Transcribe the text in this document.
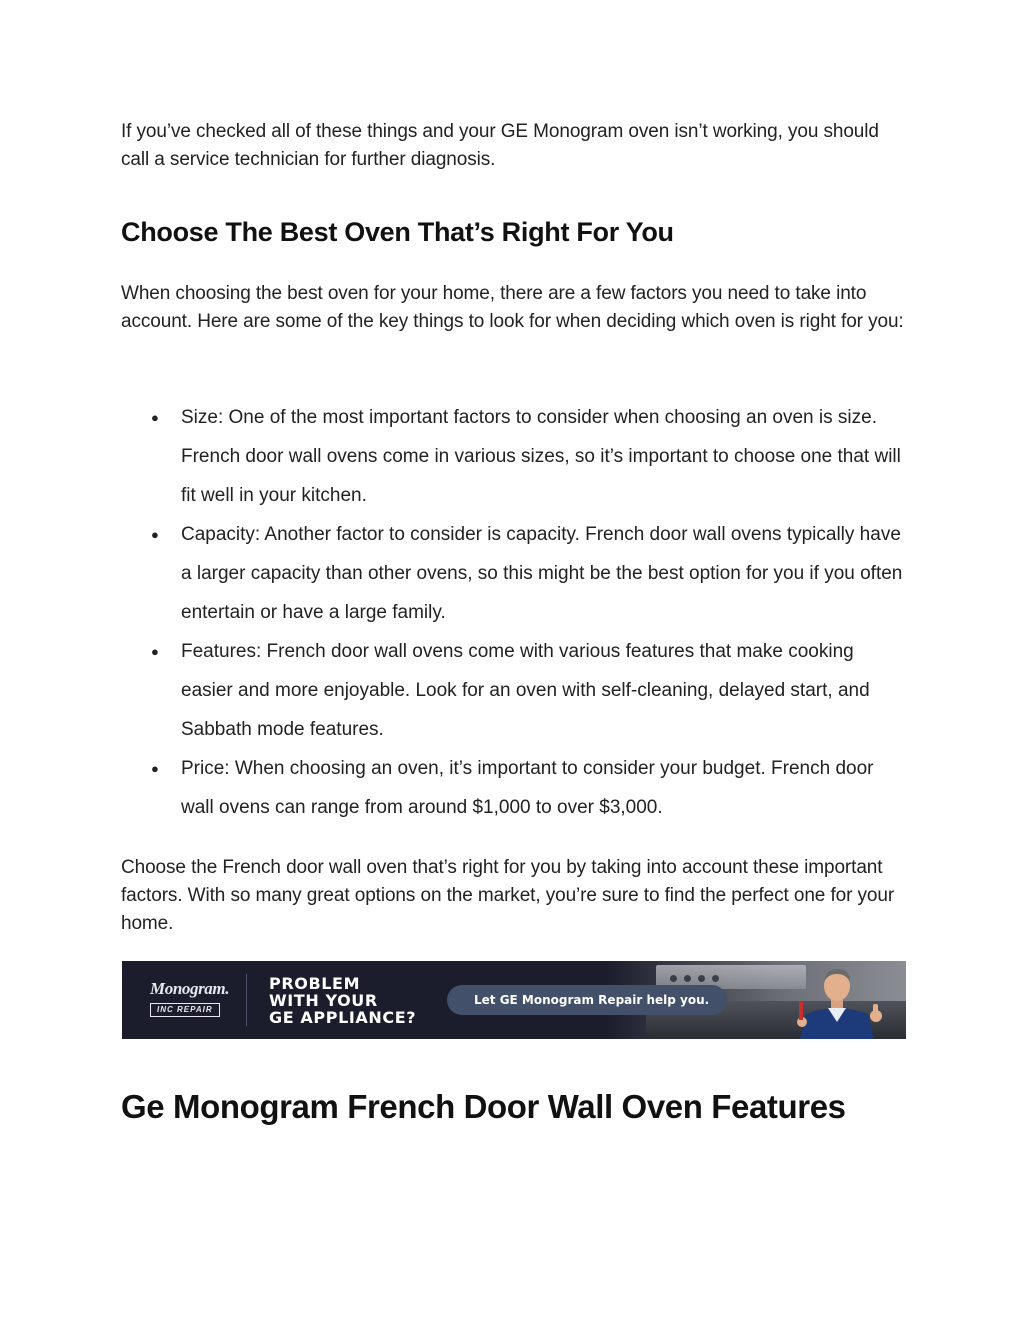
If you’ve checked all of these things and your GE Monogram oven isn’t working, you should call a service technician for further diagnosis.

Choose The Best Oven That’s Right For You

When choosing the best oven for your home, there are a few factors you need to take into account. Here are some of the key things to look for when deciding which oven is right for you:

● Size: One of the most important factors to consider when choosing an oven is size. French door wall ovens come in various sizes, so it’s important to choose one that will fit well in your kitchen.
● Capacity: Another factor to consider is capacity. French door wall ovens typically have a larger capacity than other ovens, so this might be the best option for you if you often entertain or have a large family.
● Features: French door wall ovens come with various features that make cooking easier and more enjoyable. Look for an oven with self-cleaning, delayed start, and Sabbath mode features.
● Price: When choosing an oven, it’s important to consider your budget. French door wall ovens can range from around $1,000 to over $3,000.

Choose the French door wall oven that’s right for you by taking into account these important factors. With so many great options on the market, you’re sure to find the perfect one for your home.

Monogram.
INC REPAIR
PROBLEM
WITH YOUR
GE APPLIANCE?
Let GE Monogram Repair help you.
Ge Monogram French Door Wall Oven Features
